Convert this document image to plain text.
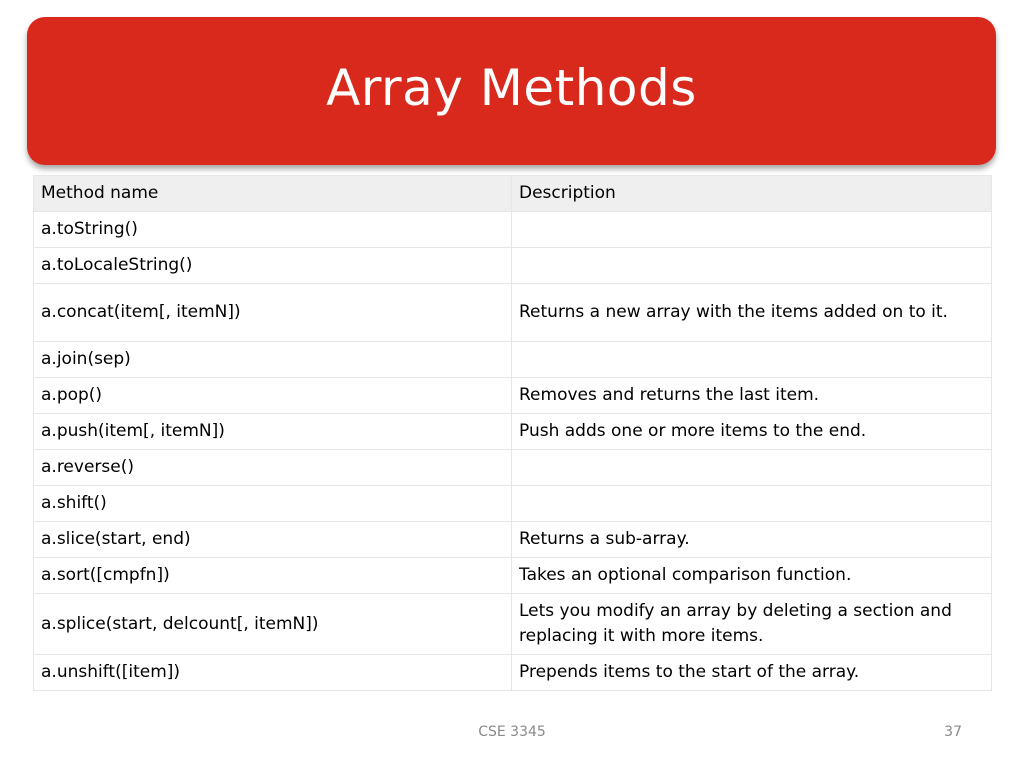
Array Methods
Method name	Description
a.toString()	
a.toLocaleString()	
a.concat(item[, itemN])	Returns a new array with the items added on to it.
a.join(sep)	
a.pop()	Removes and returns the last item.
a.push(item[, itemN])	Push adds one or more items to the end.
a.reverse()	
a.shift()	
a.slice(start, end)	Returns a sub-array.
a.sort([cmpfn])	Takes an optional comparison function.
a.splice(start, delcount[, itemN])	Lets you modify an array by deleting a section and replacing it with more items.
a.unshift([item])	Prepends items to the start of the array.
CSE 3345	37
